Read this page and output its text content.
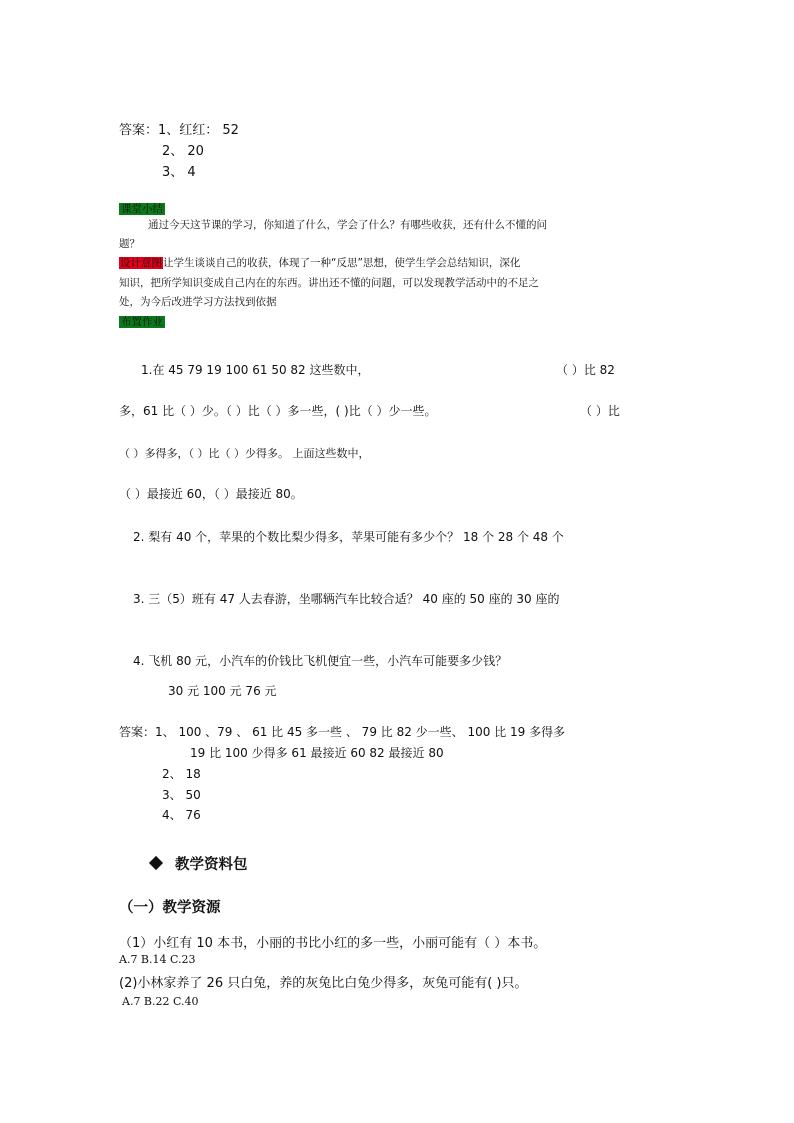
答案：1、红红： 52
2、 20
3、 4
课堂小结
通过今天这节课的学习，你知道了什么，学会了什么？有哪些收获，还有什么不懂的问
题？
设计意图让学生谈谈自己的收获，体现了一种“反思”思想，使学生学会总结知识，深化
知识，把所学知识变成自己内在的东西。讲出还不懂的问题，可以发现教学活动中的不足之
处，为今后改进学习方法找到依据
布置作业
1.在 45 79 19 100 61 50 82 这些数中，	（ ）比 82
多，61 比（ ）少。（ ）比（ ）多一些，( )比（ ）少一些。	（ ）比
（ ）多得多，（ ）比（ ）少得多。 上面这些数中，
（ ）最接近 60，（ ）最接近 80。
2. 梨有 40 个，苹果的个数比梨少得多，苹果可能有多少个？ 18 个 28 个 48 个
3. 三（5）班有 47 人去春游，坐哪辆汽车比较合适？ 40 座的 50 座的 30 座的
4. 飞机 80 元，小汽车的价钱比飞机便宜一些，小汽车可能要多少钱？
30 元 100 元 76 元
答案：1、 100 、79 、 61 比 45 多一些 、 79 比 82 少一些、 100 比 19 多得多
19 比 100 少得多 61 最接近 60 82 最接近 80
2、 18
3、 50
4、 76
教学资料包
（一）教学资源
（1）小红有 10 本书，小丽的书比小红的多一些，小丽可能有（ ）本书。
A.7 B.14 C.23
(2)小林家养了 26 只白兔，养的灰兔比白兔少得多，灰兔可能有( )只。
A.7 B.22 C.40
